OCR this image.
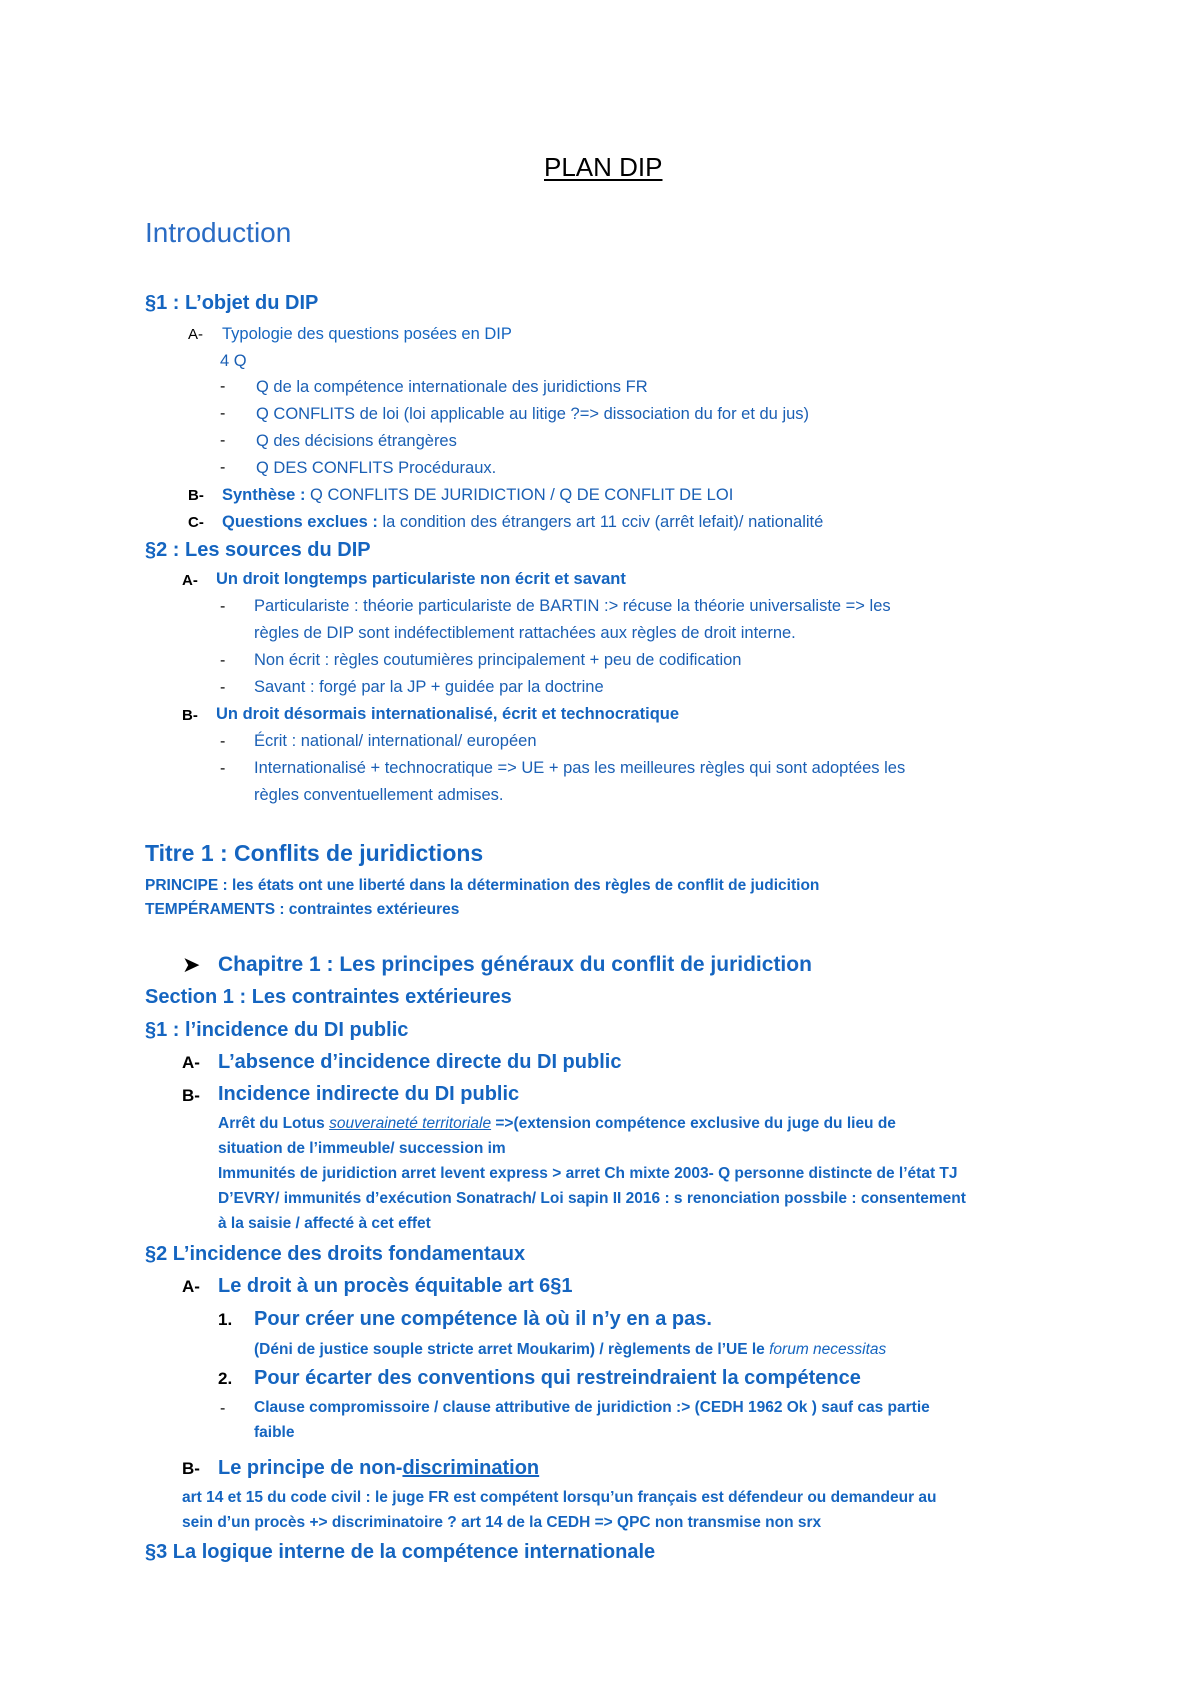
PLAN DIP
Introduction
§1 : L’objet du DIP
A- Typologie des questions posées en DIP
4 Q
- Q de la compétence internationale des juridictions FR
- Q CONFLITS de loi (loi applicable au litige ?=> dissociation du for et du jus)
- Q des décisions étrangères
- Q DES CONFLITS Procéduraux.
B- Synthèse : Q CONFLITS DE JURIDICTION / Q DE CONFLIT DE LOI
C- Questions exclues : la condition des étrangers art 11 cciv (arrêt lefait)/ nationalité
§2 : Les sources du DIP
A- Un droit longtemps particulariste non écrit et savant
- Particulariste : théorie particulariste de BARTIN :> récuse la théorie universaliste => les
règles de DIP sont indéfectiblement rattachées aux règles de droit interne.
- Non écrit : règles coutumières principalement + peu de codification
- Savant : forgé par la JP + guidée par la doctrine
B- Un droit désormais internationalisé, écrit et technocratique
- Écrit : national/ international/ européen
- Internationalisé + technocratique => UE + pas les meilleures règles qui sont adoptées les
règles conventuellement admises.
Titre 1 : Conflits de juridictions
PRINCIPE : les états ont une liberté dans la détermination des règles de conflit de judicition
TEMPÉRAMENTS : contraintes extérieures
➤ Chapitre 1 : Les principes généraux du conflit de juridiction
Section 1 : Les contraintes extérieures
§1 : l’incidence du DI public
A- L’absence d’incidence directe du DI public
B- Incidence indirecte du DI public
Arrêt du Lotus souveraineté territoriale =>(extension compétence exclusive du juge du lieu de
situation de l’immeuble/ succession im
Immunités de juridiction arret levent express > arret Ch mixte 2003- Q personne distincte de l’état TJ
D’EVRY/ immunités d’exécution Sonatrach/ Loi sapin II 2016 : s renonciation possbile : consentement
à la saisie / affecté à cet effet
§2 L’incidence des droits fondamentaux
A- Le droit à un procès équitable art 6§1
1. Pour créer une compétence là où il n’y en a pas.
(Déni de justice souple stricte arret Moukarim) / règlements de l’UE le forum necessitas
2. Pour écarter des conventions qui restreindraient la compétence
- Clause compromissoire / clause attributive de juridiction :> (CEDH 1962 Ok ) sauf cas partie
faible
B- Le principe de non-discrimination
art 14 et 15 du code civil : le juge FR est compétent lorsqu’un français est défendeur ou demandeur au
sein d’un procès +> discriminatoire ? art 14 de la CEDH => QPC non transmise non srx
§3 La logique interne de la compétence internationale
